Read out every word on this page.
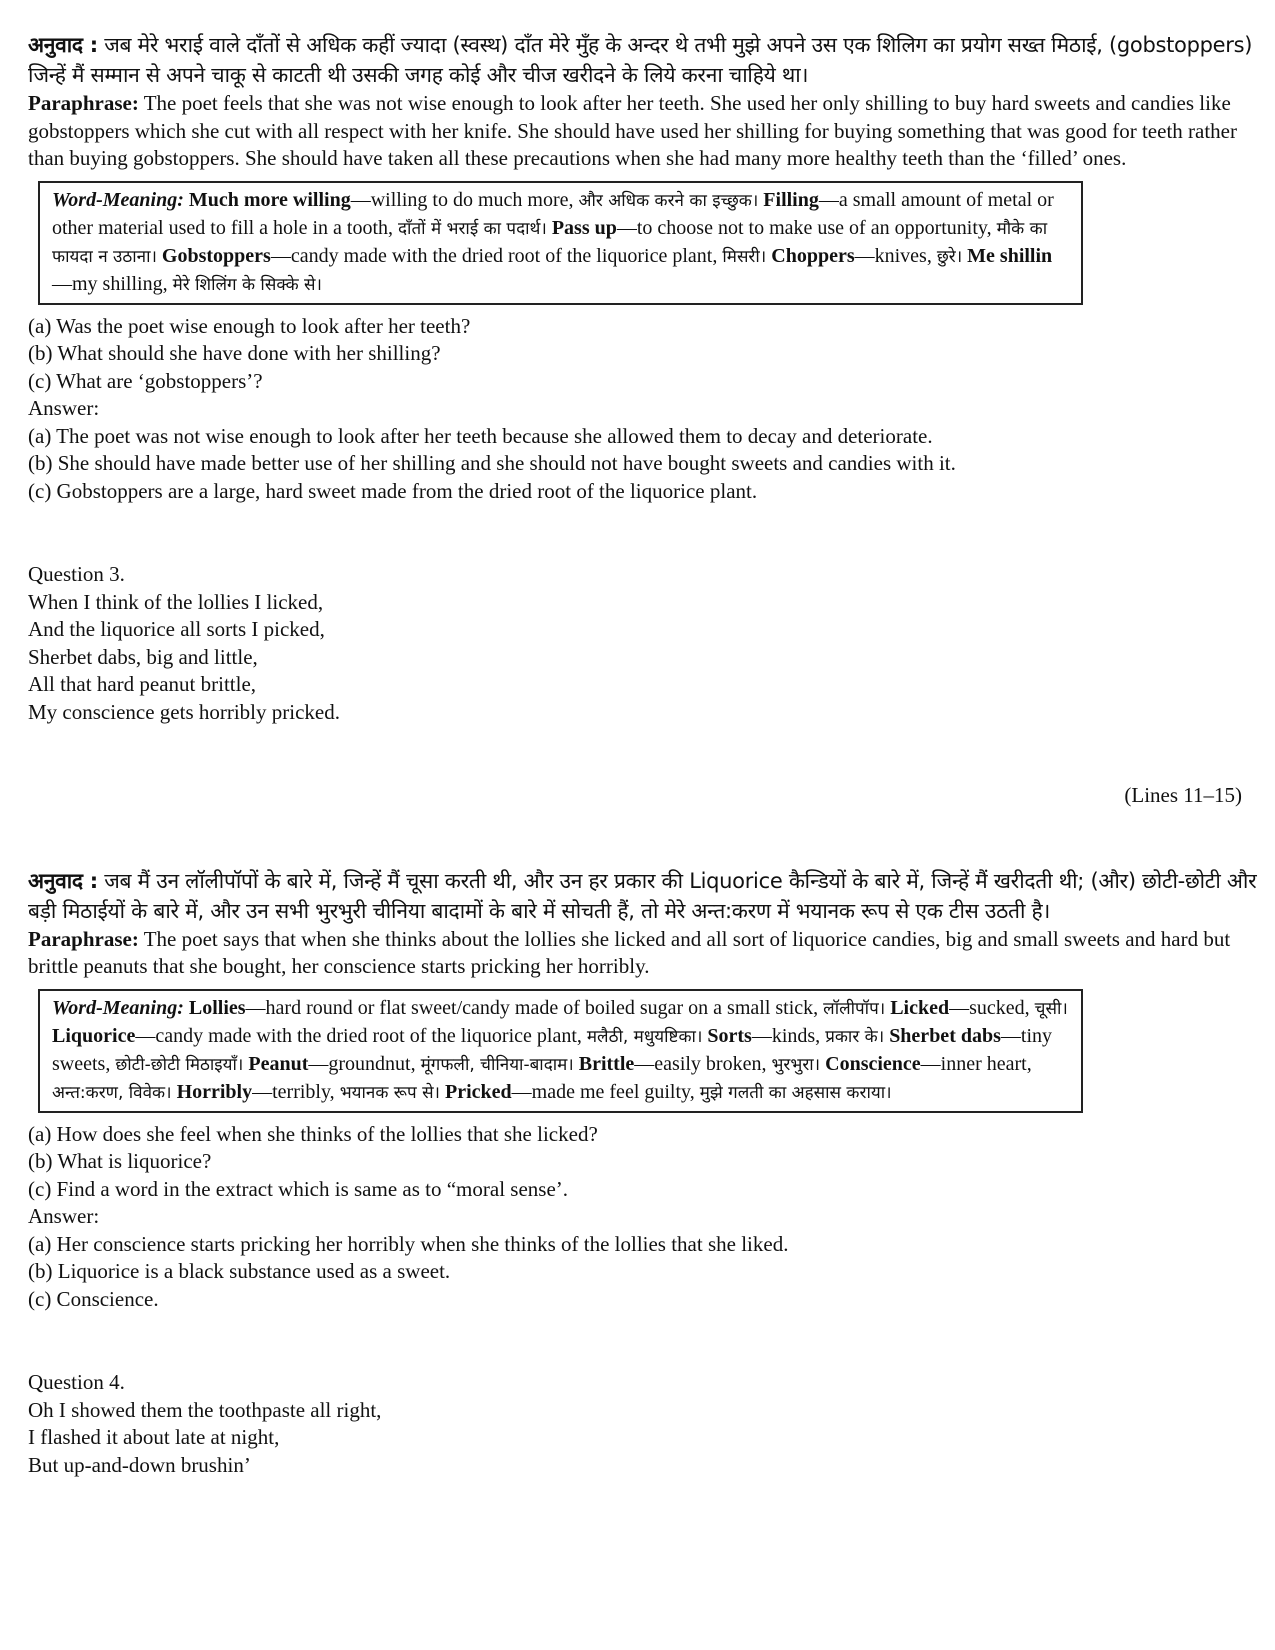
अनुवाद : जब मेरे भराई वाले दाँतों से अधिक कहीं ज्यादा (स्वस्थ) दाँत मेरे मुँह के अन्दर थे तभी मुझे अपने उस एक शिलिग का प्रयोग सख्त मिठाई, (gobstoppers) जिन्हें मैं सम्मान से अपने चाकू से काटती थी उसकी जगह कोई और चीज खरीदने के लिये करना चाहिये था।

Paraphrase: The poet feels that she was not wise enough to look after her teeth. She used her only shilling to buy hard sweets and candies like gobstoppers which she cut with all respect with her knife. She should have used her shilling for buying something that was good for teeth rather than buying gobstoppers. She should have taken all these precautions when she had many more healthy teeth than the ‘filled’ ones.

Word-Meaning: Much more willing—willing to do much more, और अधिक करने का इच्छुक। Filling—a small amount of metal or other material used to fill a hole in a tooth, दाँतों में भराई का पदार्थ। Pass up—to choose not to make use of an opportunity, मौके का फायदा न उठाना। Gobstoppers—candy made with the dried root of the liquorice plant, मिसरी। Choppers—knives, छुरे। Me shillin—my shilling, मेरे शिलिंग के सिक्के से।
(a) Was the poet wise enough to look after her teeth?
(b) What should she have done with her shilling?
(c) What are ‘gobstoppers’?
Answer:
(a) The poet was not wise enough to look after her teeth because she allowed them to decay and deteriorate.
(b) She should have made better use of her shilling and she should not have bought sweets and candies with it.
(c) Gobstoppers are a large, hard sweet made from the dried root of the liquorice plant.
Question 3.
When I think of the lollies I licked,
And the liquorice all sorts I picked,
Sherbet dabs, big and little,
All that hard peanut brittle,
My conscience gets horribly pricked.
(Lines 11–15)

अनुवाद : जब मैं उन लॉलीपॉपों के बारे में, जिन्हें मैं चूसा करती थी, और उन हर प्रकार की Liquorice कैन्डियों के बारे में, जिन्हें मैं खरीदती थी; (और) छोटी-छोटी और बड़ी मिठाईयों के बारे में, और उन सभी भुरभुरी चीनिया बादामों के बारे में सोचती हैं, तो मेरे अन्त:करण में भयानक रूप से एक टीस उठती है।

Paraphrase: The poet says that when she thinks about the lollies she licked and all sort of liquorice candies, big and small sweets and hard but brittle peanuts that she bought, her conscience starts pricking her horribly.

Word-Meaning: Lollies—hard round or flat sweet/candy made of boiled sugar on a small stick, लॉलीपॉप। Licked—sucked, चूसी। Liquorice—candy made with the dried root of the liquorice plant, मलैठी, मधुयष्टिका। Sorts—kinds, प्रकार के। Sherbet dabs—tiny sweets, छोटी-छोटी मिठाइयाँ। Peanut—groundnut, मूंगफली, चीनिया-बादाम। Brittle—easily broken, भुरभुरा। Conscience—inner heart, अन्त:करण, विवेक। Horribly—terribly, भयानक रूप से। Pricked—made me feel guilty, मुझे गलती का अहसास कराया।
(a) How does she feel when she thinks of the lollies that she licked?
(b) What is liquorice?
(c) Find a word in the extract which is same as to “moral sense’.
Answer:
(a) Her conscience starts pricking her horribly when she thinks of the lollies that she liked.
(b) Liquorice is a black substance used as a sweet.
(c) Conscience.
Question 4.
Oh I showed them the toothpaste all right,
I flashed it about late at night,
But up-and-down brushin’
